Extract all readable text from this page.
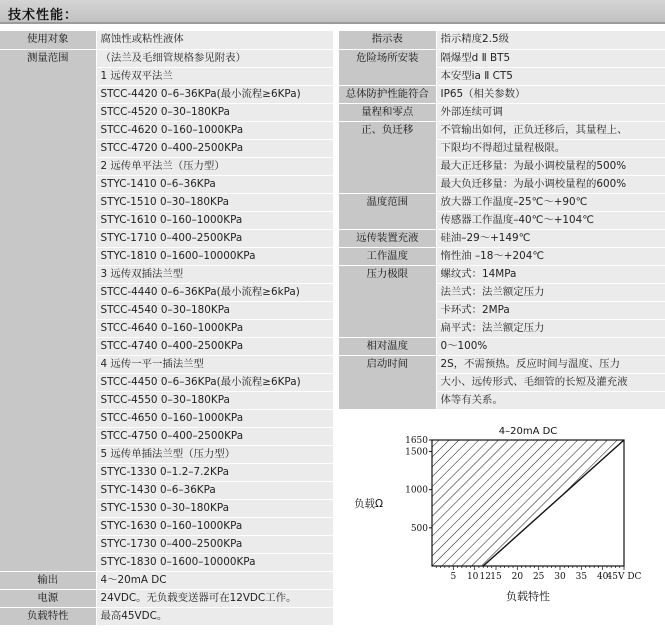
技术性能：
使用对象	腐蚀性或粘性液体
测量范围	（法兰及毛细管规格参见附表）
	1 远传双平法兰
	STCC-4420 0–6–36KPa(最小流程≥6KPa)
	STCC-4520 0–30–180KPa
	STCC-4620 0–160–1000KPa
	STCC-4720 0–400–2500KPa
	2 远传单平法兰（压力型）
	STYC-1410 0–6–36KPa
	STYC-1510 0–30–180KPa
	STYC-1610 0–160–1000KPa
	STYC-1710 0–400–2500KPa
	STYC-1810 0–1600–10000KPa
	3 远传双插法兰型
	STCC-4440 0–6–36KPa(最小流程≥6kPa)
	STCC-4540 0–30–180KPa
	STCC-4640 0–160–1000KPa
	STCC-4740 0–400–2500KPa
	4 远传一平一插法兰型
	STCC-4450 0–6–36KPa(最小流程≥6KPa)
	STCC-4550 0–30–180KPa
	STCC-4650 0–160–1000KPa
	STCC-4750 0–400–2500KPa
	5 远传单插法兰型（压力型）
	STYC-1330 0–1.2–7.2KPa
	STYC-1430 0–6–36KPa
	STYC-1530 0–30–180KPa
	STYC-1630 0–160–1000KPa
	STYC-1730 0–400–2500KPa
	STYC-1830 0–1600–10000KPa
输出	4～20mA DC
电源	24VDC。无负载变送器可在12VDC工作。
负载特性	最高45VDC。
指示表	指示精度2.5级
危险场所安装	隔爆型d Ⅱ BT5
	本安型ia Ⅱ CT5
总体防护性能符合	IP65（相关参数）
量程和零点	外部连续可调
正、负迁移	不管输出如何，正负迁移后，其量程上、
	下限均不得超过量程极限。
	最大正迁移量：为最小调校量程的500%
	最大负迁移量：为最小调校量程的600%
温度范围	放大器工作温度–25℃～+90℃
	传感器工作温度–40℃～+104℃
远传装置充液	硅油–29～+149℃
工作温度	惰性油 –18～+204℃
压力极限	螺纹式：14MPa
	法兰式：法兰额定压力
	卡环式：2MPa
	扁平式：法兰额定压力
相对温度	0～100%
启动时间	2S，不需预热。反应时间与温度、压力
	大小、远传形式、毛细管的长短及灌充液
	体等有关系。
500
1000
1500
1650
5 10 12 15 20 25 30 35 40
45V DC
4–20mA DC
负载Ω
负载特性
